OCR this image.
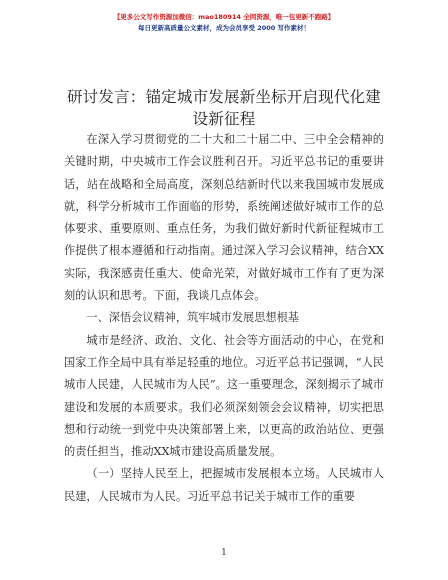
【更多公文写作资源加微信：mao180914 全网资源，唯一包更新不跑路】
每日更新高质量公文素材，成为会员享受 2000 写作素材！
研讨发言：锚定城市发展新坐标开启现代化建设新征程

在深入学习贯彻党的二十大和二十届二中、三中全会精神的关键时期，中央城市工作会议胜利召开。习近平总书记的重要讲话，站在战略和全局高度，深刻总结新时代以来我国城市发展成就，科学分析城市工作面临的形势，系统阐述做好城市工作的总体要求、重要原则、重点任务，为我们做好新时代新征程城市工作提供了根本遵循和行动指南。通过深入学习会议精神，结合XX实际，我深感责任重大、使命光荣，对做好城市工作有了更为深刻的认识和思考。下面，我谈几点体会。

一、深悟会议精神，筑牢城市发展思想根基

城市是经济、政治、文化、社会等方面活动的中心，在党和国家工作全局中具有举足轻重的地位。习近平总书记强调，“人民城市人民建，人民城市为人民”。这一重要理念，深刻揭示了城市建设和发展的本质要求。我们必须深刻领会会议精神，切实把思想和行动统一到党中央决策部署上来，以更高的政治站位、更强的责任担当，推动XX城市建设高质量发展。

（一）坚持人民至上，把握城市发展根本立场。人民城市人民建，人民城市为人民。习近平总书记关于城市工作的重要

1
